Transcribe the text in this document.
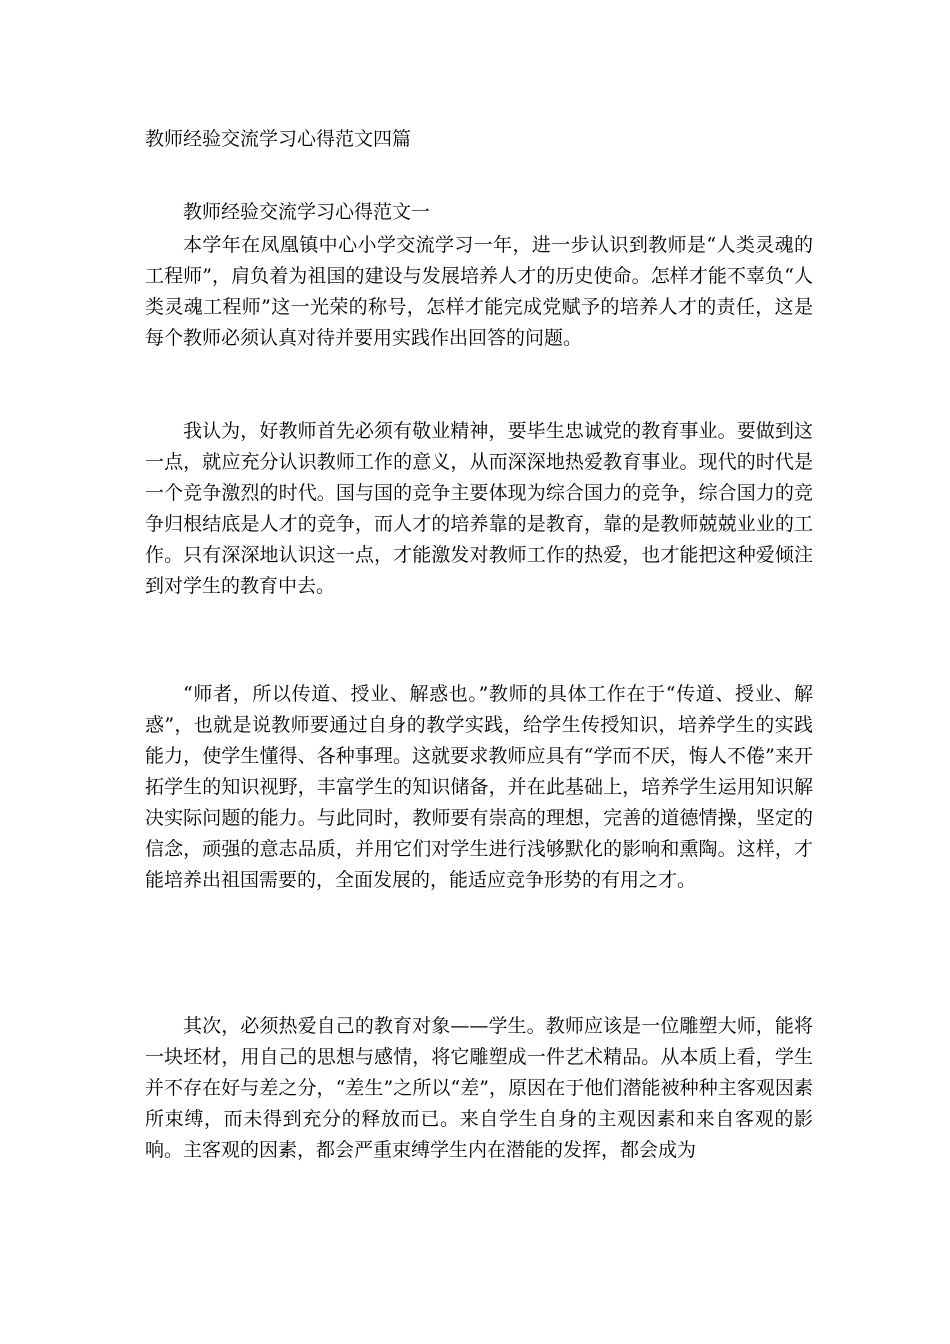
教师经验交流学习心得范文四篇
教师经验交流学习心得范文一

本学年在凤凰镇中心小学交流学习一年，进一步认识到教师是“人类灵魂的工程师”，肩负着为祖国的建设与发展培养人才的历史使命。怎样才能不辜负“人类灵魂工程师”这一光荣的称号，怎样才能完成党赋予的培养人才的责任，这是每个教师必须认真对待并要用实践作出回答的问题。

我认为，好教师首先必须有敬业精神，要毕生忠诚党的教育事业。要做到这一点，就应充分认识教师工作的意义，从而深深地热爱教育事业。现代的时代是一个竞争激烈的时代。国与国的竞争主要体现为综合国力的竞争，综合国力的竞争归根结底是人才的竞争，而人才的培养靠的是教育，靠的是教师兢兢业业的工作。只有深深地认识这一点，才能激发对教师工作的热爱，也才能把这种爱倾注到对学生的教育中去。

“师者，所以传道、授业、解惑也。”教师的具体工作在于“传道、授业、解惑”，也就是说教师要通过自身的教学实践，给学生传授知识，培养学生的实践能力，使学生懂得、各种事理。这就要求教师应具有“学而不厌，悔人不倦”来开拓学生的知识视野，丰富学生的知识储备，并在此基础上，培养学生运用知识解决实际问题的能力。与此同时，教师要有崇高的理想，完善的道德情操，坚定的信念，顽强的意志品质，并用它们对学生进行浅够默化的影响和熏陶。这样，才能培养出祖国需要的，全面发展的，能适应竞争形势的有用之才。

其次，必须热爱自己的教育对象——学生。教师应该是一位雕塑大师，能将一块坯材，用自己的思想与感情，将它雕塑成一件艺术精品。从本质上看，学生并不存在好与差之分，“差生”之所以“差”，原因在于他们潜能被种种主客观因素所束缚，而未得到充分的释放而已。来自学生自身的主观因素和来自客观的影响。主客观的因素，都会严重束缚学生内在潜能的发挥，都会成为
